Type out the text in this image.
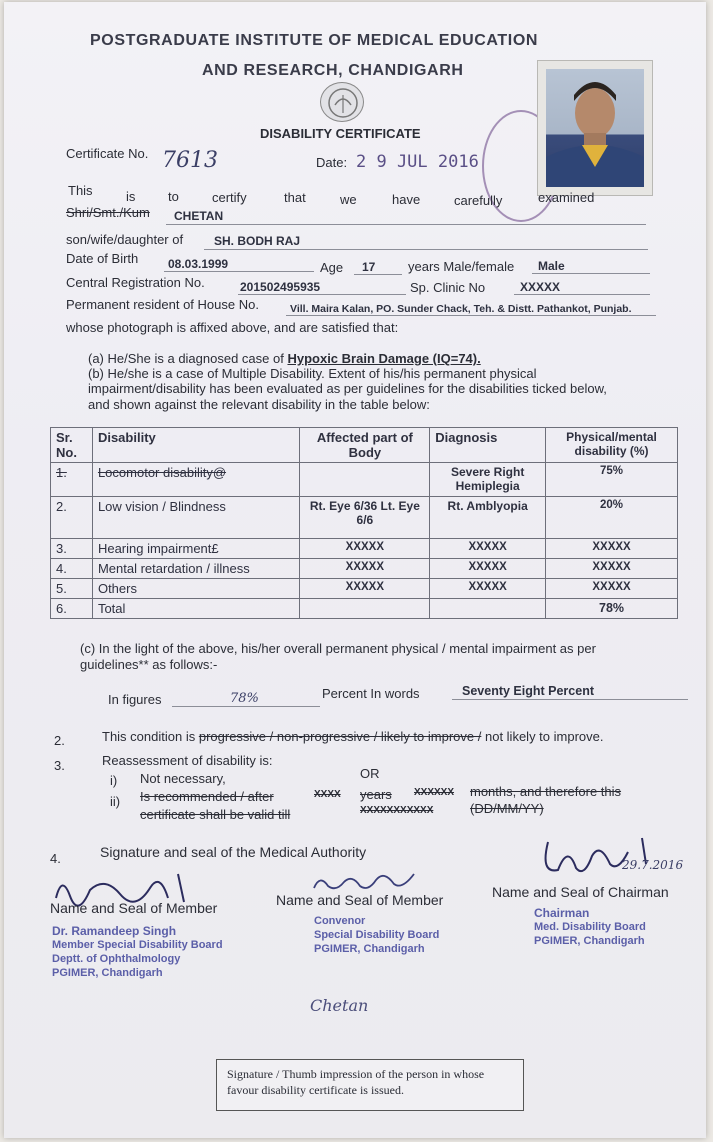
POSTGRADUATE INSTITUTE OF MEDICAL EDUCATION
AND RESEARCH, CHANDIGARH
DISABILITY CERTIFICATE
Certificate No. 7613	Date: 2 9 JUL 2016
This	is	to	certify	that	we	have	carefully	examined
Shri/Smt./Kum	CHETAN
son/wife/daughter of	SH. BODH RAJ
Date of Birth	08.03.1999	Age	17	years Male/female	Male
Central Registration No.	201502495935	Sp. Clinic No	XXXXX
Permanent resident of House No.	Vill. Maira Kalan, PO. Sunder Chack, Teh. & Distt. Pathankot, Punjab.
whose photograph is affixed above, and are satisfied that:
(a) He/She is a diagnosed case of Hypoxic Brain Damage (IQ=74).
(b) He/she is a case of Multiple Disability. Extent of his/his permanent physical
impairment/disability has been evaluated as per guidelines for the disabilities ticked below,
and shown against the relevant disability in the table below:
Sr. No.	Disability	Affected part of Body	Diagnosis	Physical/mental disability (%)
1.	Locomotor disability@		Severe Right Hemiplegia	75%
2.	Low vision / Blindness	Rt. Eye 6/36 Lt. Eye 6/6	Rt. Amblyopia	20%
3.	Hearing impairment£	XXXXX	XXXXX	XXXXX
4.	Mental retardation / illness	XXXXX	XXXXX	XXXXX
5.	Others	XXXXX	XXXXX	XXXXX
6.	Total			78%
(c) In the light of the above, his/her overall permanent physical / mental impairment as per
guidelines** as follows:-
In figures	78%	Percent In words	Seventy Eight Percent
2.	This condition is progressive / non-progressive / likely to improve / not likely to improve.
3.	Reassessment of disability is:
i) Not necessary,	OR
ii) Is recommended / after	XXXX years XXXXXX months, and therefore this
certificate shall be valid till	XXXXXXXXXXX	(DD/MM/YY)
4.	Signature and seal of the Medical Authority
Name and Seal of Member
Dr. Ramandeep Singh
Member Special Disability Board
Deptt. of Ophthalmology
PGIMER, Chandigarh
Name and Seal of Member
Convenor
Special Disability Board
PGIMER, Chandigarh
29.7.2016
Name and Seal of Chairman
Chairman
Med. Disability Board
PGIMER, Chandigarh
Chetan
Signature / Thumb impression of the person in whose
favour disability certificate is issued.
